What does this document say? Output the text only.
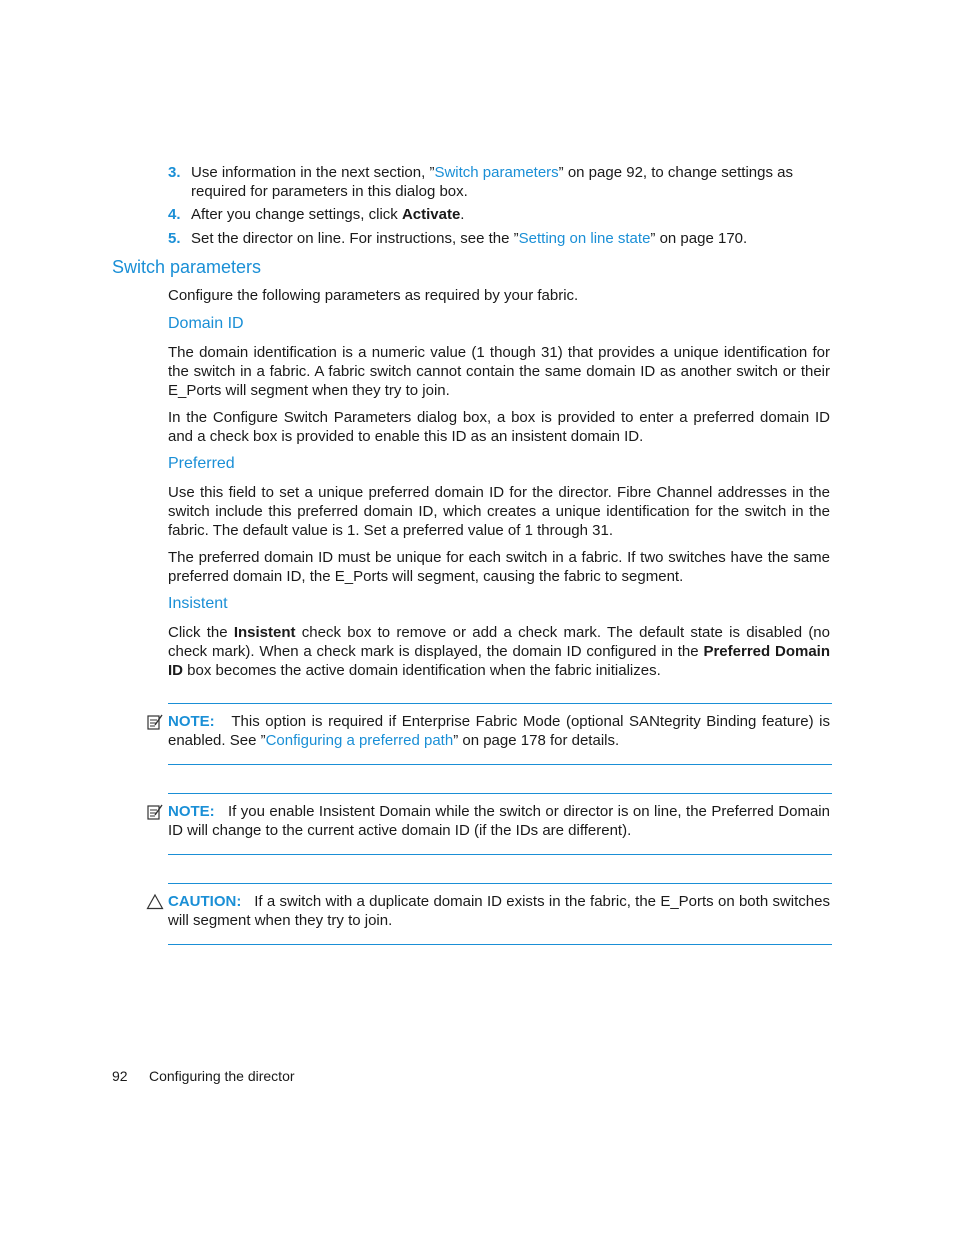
3. Use information in the next section, ”Switch parameters” on page 92, to change settings as required for parameters in this dialog box.
4. After you change settings, click Activate.
5. Set the director on line. For instructions, see the ”Setting on line state” on page 170.
Switch parameters
Configure the following parameters as required by your fabric.
Domain ID
The domain identification is a numeric value (1 though 31) that provides a unique identification for the switch in a fabric. A fabric switch cannot contain the same domain ID as another switch or their E_Ports will segment when they try to join.
In the Configure Switch Parameters dialog box, a box is provided to enter a preferred domain ID and a check box is provided to enable this ID as an insistent domain ID.
Preferred
Use this field to set a unique preferred domain ID for the director. Fibre Channel addresses in the switch include this preferred domain ID, which creates a unique identification for the switch in the fabric. The default value is 1. Set a preferred value of 1 through 31.
The preferred domain ID must be unique for each switch in a fabric. If two switches have the same preferred domain ID, the E_Ports will segment, causing the fabric to segment.
Insistent
Click the Insistent check box to remove or add a check mark. The default state is disabled (no check mark). When a check mark is displayed, the domain ID configured in the Preferred Domain ID box becomes the active domain identification when the fabric initializes.
NOTE: This option is required if Enterprise Fabric Mode (optional SANtegrity Binding feature) is enabled. See ”Configuring a preferred path” on page 178 for details.
NOTE: If you enable Insistent Domain while the switch or director is on line, the Preferred Domain ID will change to the current active domain ID (if the IDs are different).
CAUTION: If a switch with a duplicate domain ID exists in the fabric, the E_Ports on both switches will segment when they try to join.
92 Configuring the director
